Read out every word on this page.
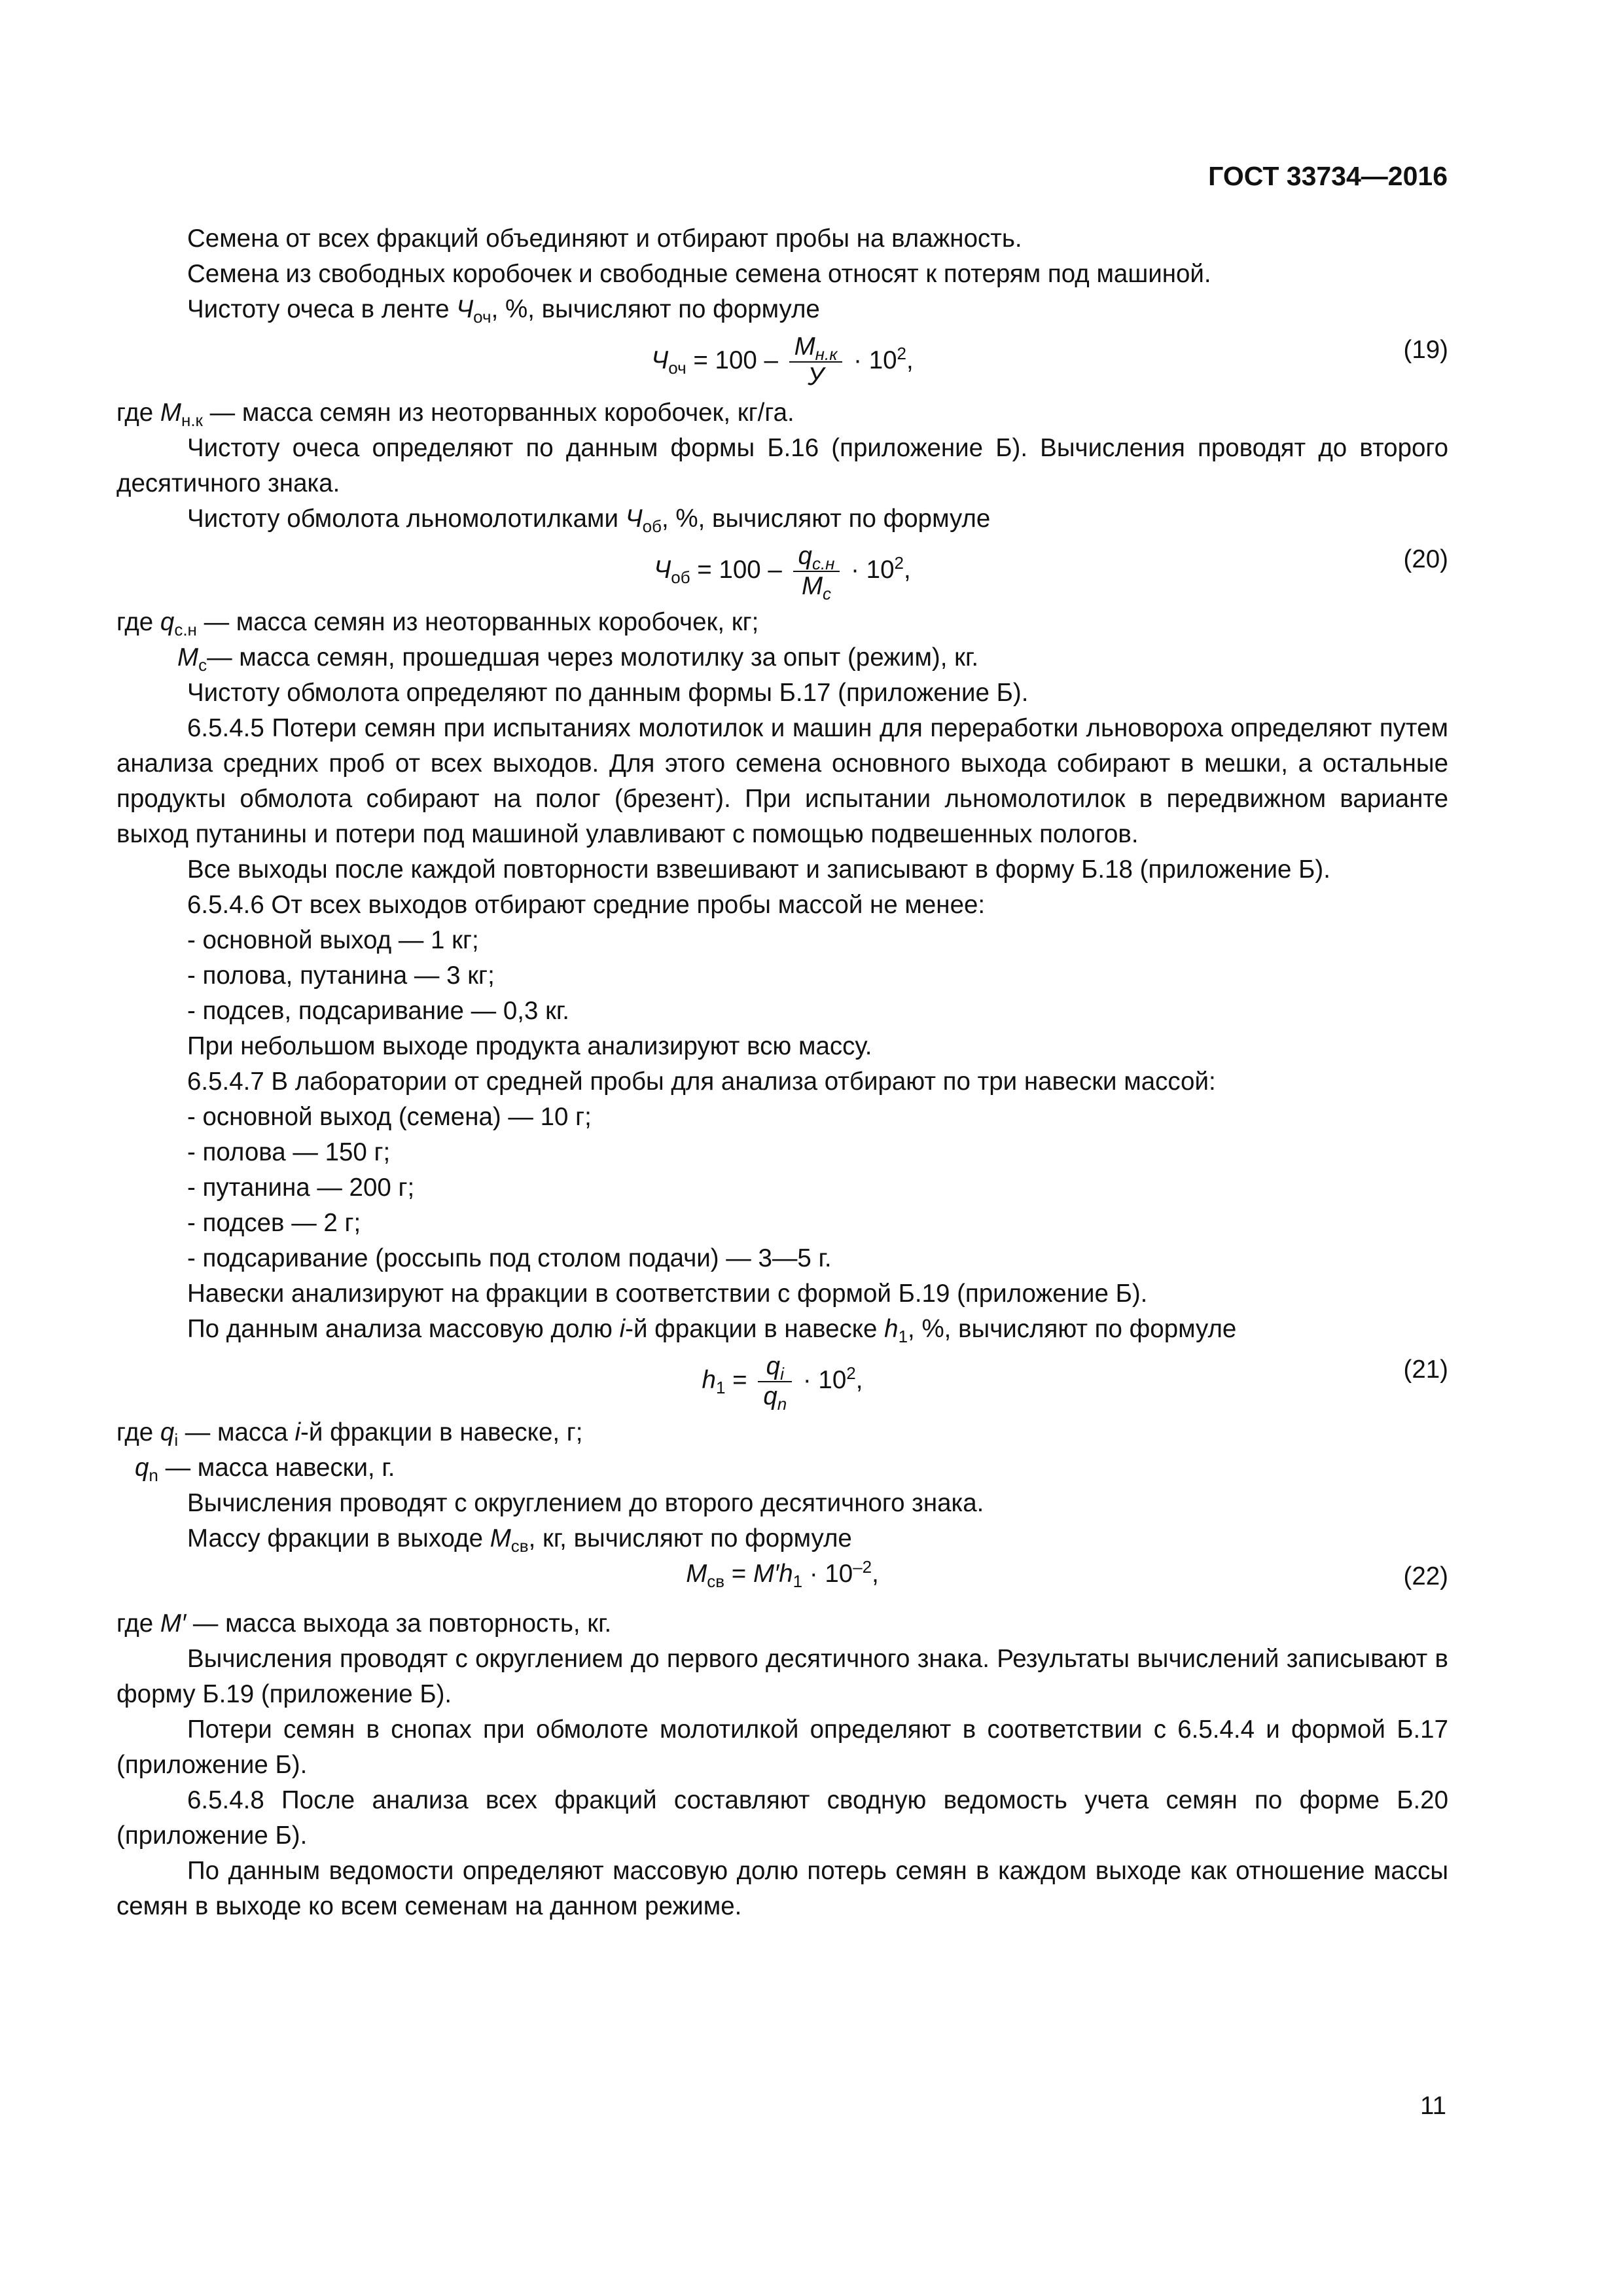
ГОСТ 33734—2016

Семена от всех фракций объединяют и отбирают пробы на влажность.

Семена из свободных коробочек и свободные семена относят к потерям под машиной.

Чистоту очеса в ленте $Ч_{оч}$, %, вычисляют по формуле

$Ч_{оч} = 100 - \frac{М_{н.к}}{У} \cdot 10^2$,	(19)

где $М_{н.к}$ — масса семян из неоторванных коробочек, кг/га.

Чистоту очеса определяют по данным формы Б.16 (приложение Б). Вычисления проводят до второго десятичного знака.

Чистоту обмолота льномолотилками $Ч_{об}$, %, вычисляют по формуле

$Ч_{об} = 100 - \frac{q_{с.н}}{М_с} \cdot 10^2$,	(20)

где $q_{с.н}$ — масса семян из неоторванных коробочек, кг;

$М_с—$ масса семян, прошедшая через молотилку за опыт (режим), кг.

Чистоту обмолота определяют по данным формы Б.17 (приложение Б).

6.5.4.5 Потери семян при испытаниях молотилок и машин для переработки льновороха определяют путем анализа средних проб от всех выходов. Для этого семена основного выхода собирают в мешки, а остальные продукты обмолота собирают на полог (брезент). При испытании льномолотилок в передвижном варианте выход путанины и потери под машиной улавливают с помощью подвешенных пологов.

Все выходы после каждой повторности взвешивают и записывают в форму Б.18 (приложение Б).

6.5.4.6 От всех выходов отбирают средние пробы массой не менее:

- основной выход — 1 кг;

- полова, путанина — 3 кг;

- подсев, подсаривание — 0,3 кг.

При небольшом выходе продукта анализируют всю массу.

6.5.4.7 В лаборатории от средней пробы для анализа отбирают по три навески массой:

- основной выход (семена) — 10 г;

- полова — 150 г;

- путанина — 200 г;

- подсев — 2 г;

- подсаривание (россыпь под столом подачи) — 3—5 г.

Навески анализируют на фракции в соответствии с формой Б.19 (приложение Б).

По данным анализа массовую долю i-й фракции в навеске $h_1$, %, вычисляют по формуле

$h_1 = \frac{q_i}{q_n} \cdot 10^2$,	(21)

где $q_i$ — масса i-й фракции в навеске, г;

$q_n$ — масса навески, г.

Вычисления проводят с округлением до второго десятичного знака.

Массу фракции в выходе $М_{св}$, кг, вычисляют по формуле

$М_{св} = М'h_1 \cdot 10^{-2}$,	(22)

где М′ — масса выхода за повторность, кг.

Вычисления проводят с округлением до первого десятичного знака. Результаты вычислений записывают в форму Б.19 (приложение Б).

Потери семян в снопах при обмолоте молотилкой определяют в соответствии с 6.5.4.4 и формой Б.17 (приложение Б).

6.5.4.8 После анализа всех фракций составляют сводную ведомость учета семян по форме Б.20 (приложение Б).

По данным ведомости определяют массовую долю потерь семян в каждом выходе как отношение массы семян в выходе ко всем семенам на данном режиме.

11
